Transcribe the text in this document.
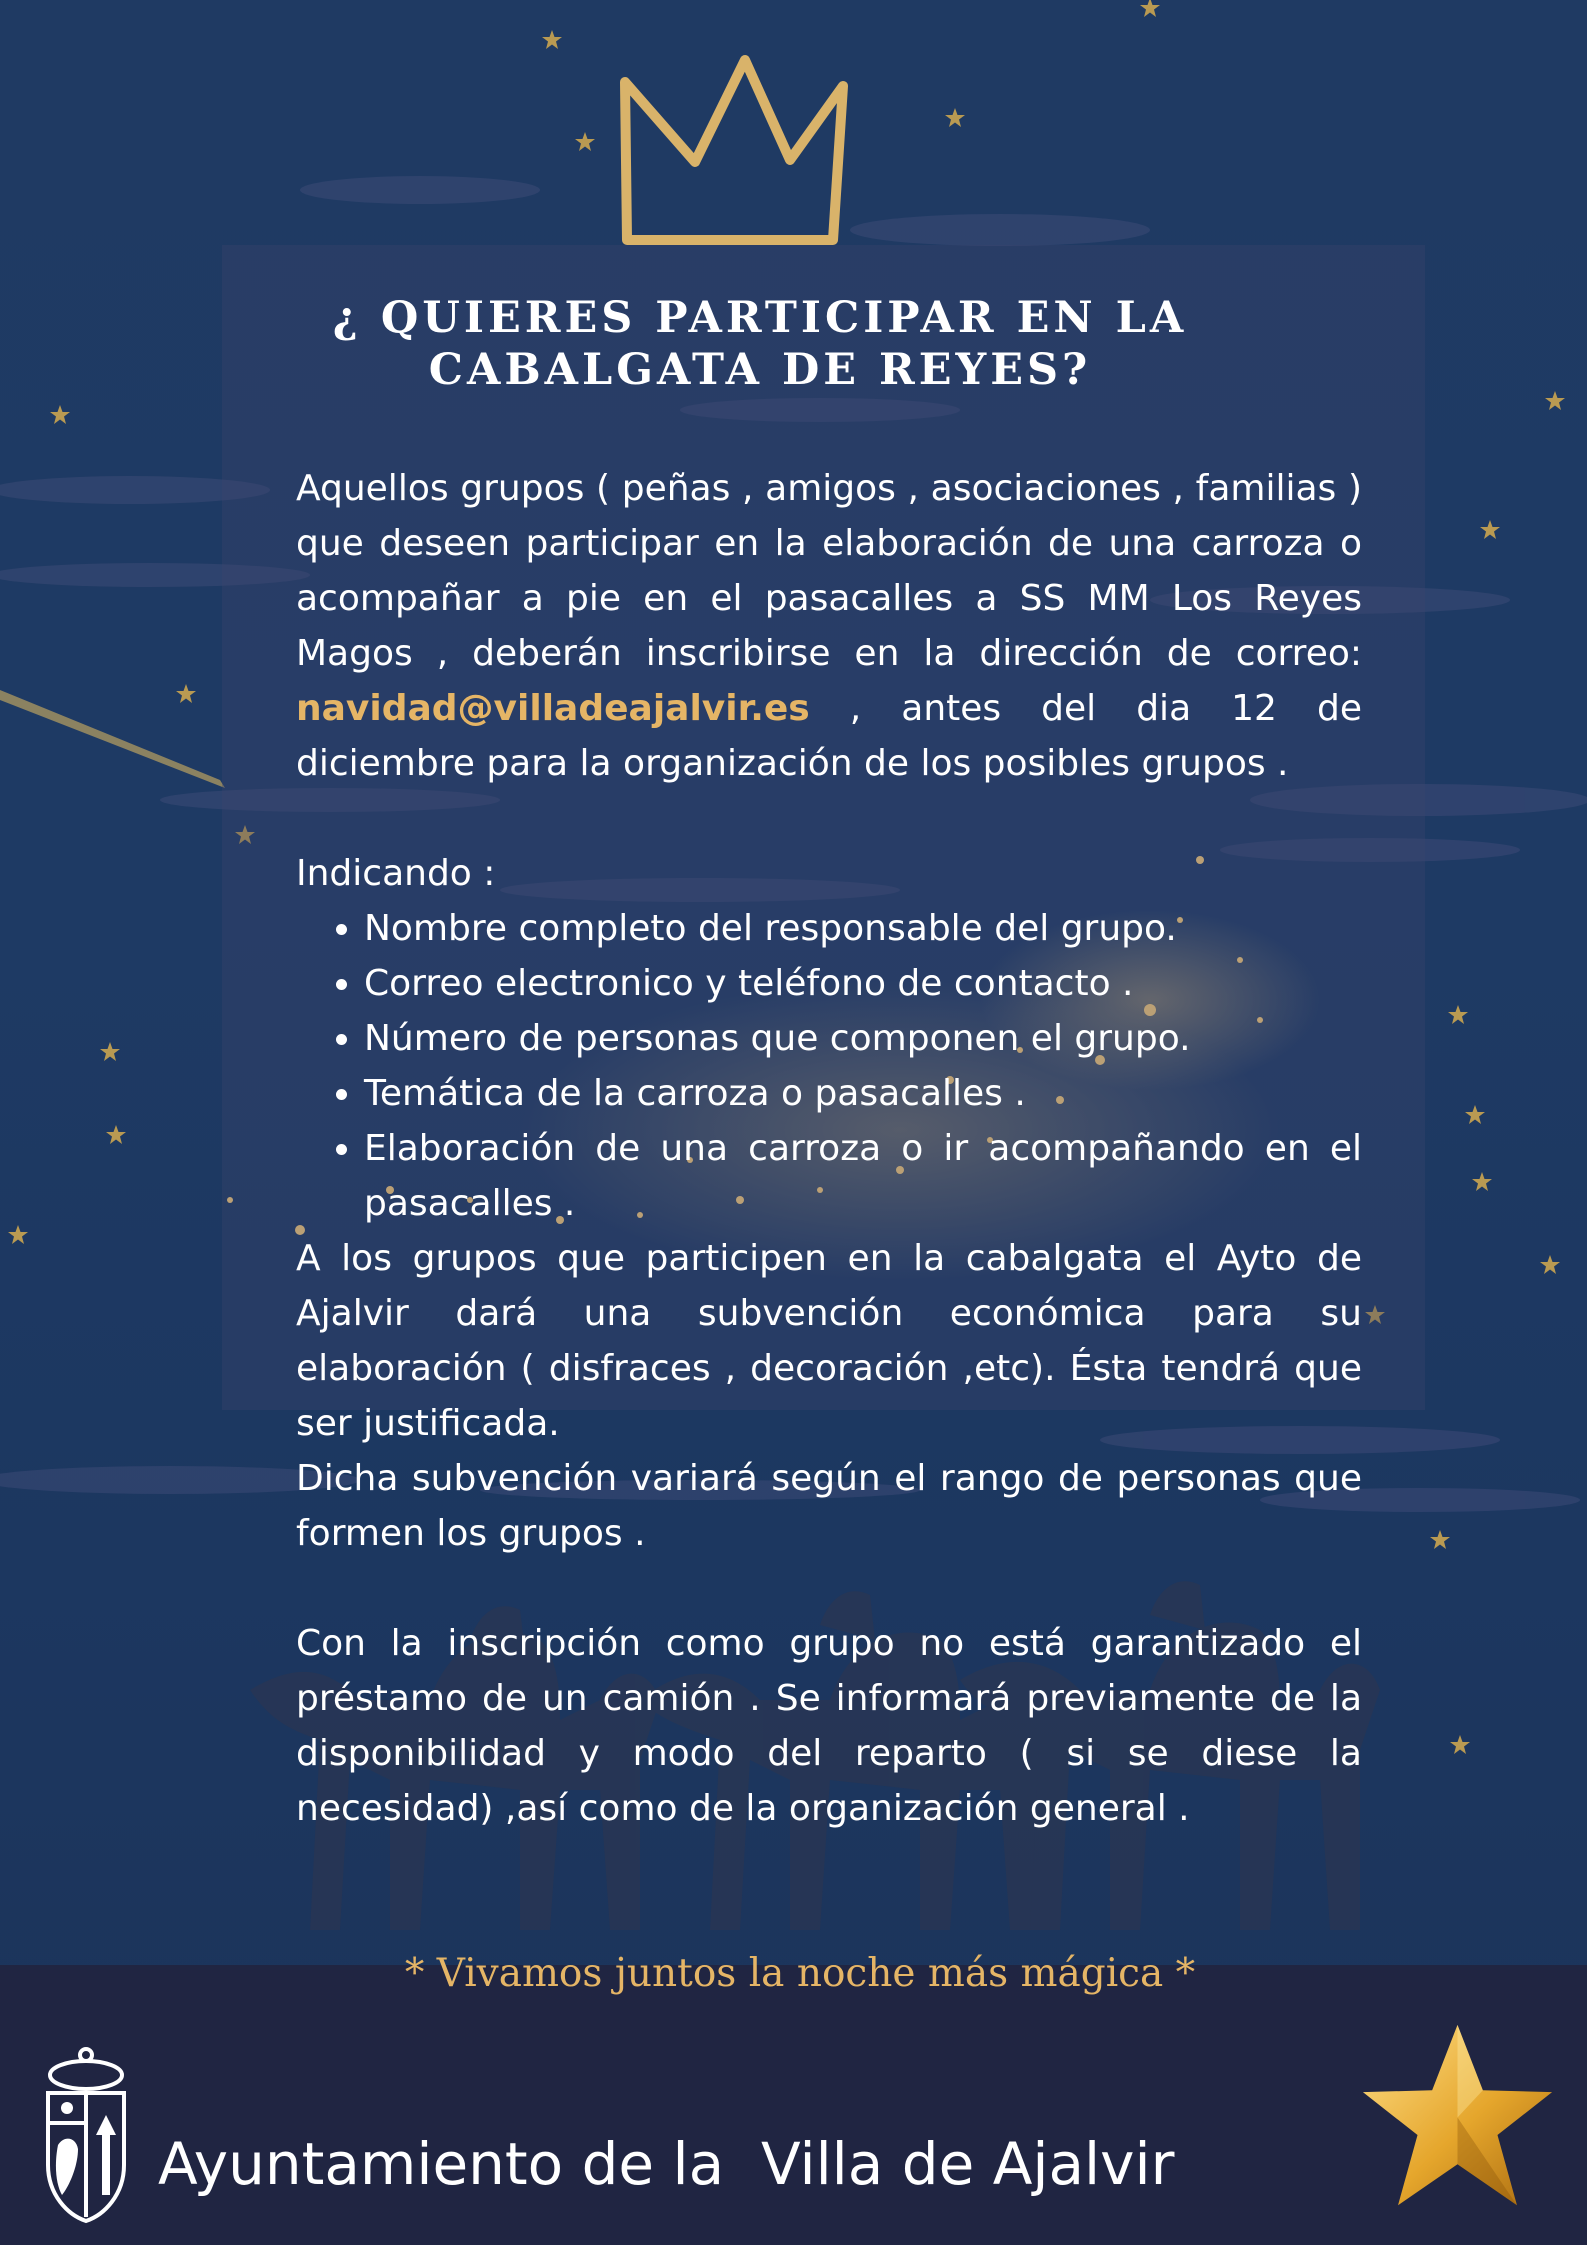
¿ QUIERES PARTICIPAR EN LA
CABALGATA DE REYES?

Aquellos grupos ( peñas , amigos , asociaciones , familias ) que deseen participar en la elaboración de una carroza o acompañar a pie en el pasacalles a SS MM Los Reyes Magos , deberán inscribirse en la dirección de correo: navidad@villadeajalvir.es , antes del dia 12 de diciembre para la organización de los posibles grupos .

Indicando :

• Nombre completo del responsable del grupo.
• Correo electronico y teléfono de contacto .
• Número de personas que componen el grupo.
• Temática de la carroza o pasacalles .
• Elaboración de una carroza o ir acompañando en el pasacalles .

A los grupos que participen en la cabalgata el Ayto de Ajalvir dará una subvención económica para su elaboración ( disfraces , decoración ,etc). Ésta tendrá que ser justificada.

Dicha subvención variará según el rango de personas que formen los grupos .

Con la inscripción como grupo no está garantizado el préstamo de un camión . Se informará previamente de la disponibilidad y modo del reparto ( si se diese la necesidad) ,así como de la organización general .

* Vivamos juntos la noche más mágica *
Ayuntamiento de la  Villa de Ajalvir
